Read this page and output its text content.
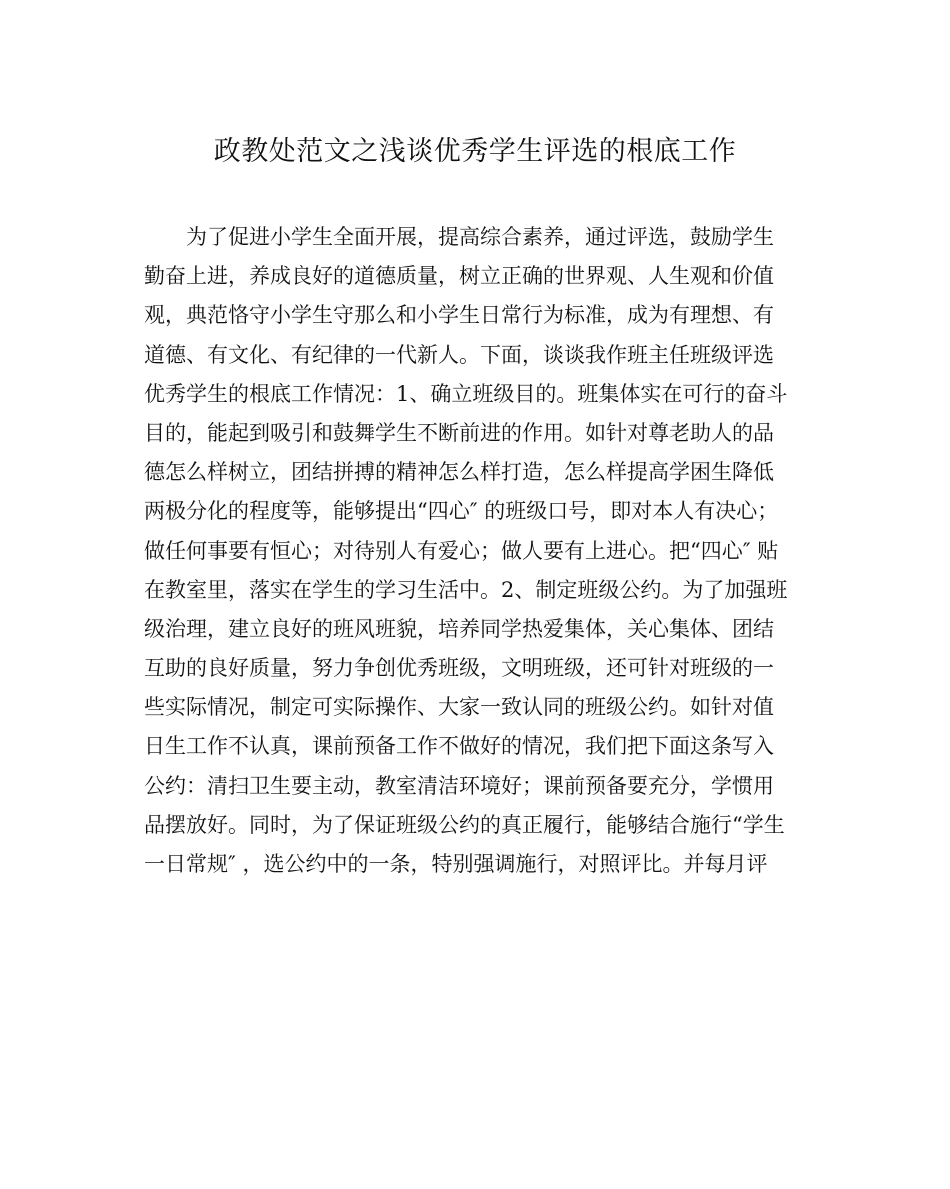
政教处范文之浅谈优秀学生评选的根底工作
为了促进小学生全面开展，提高综合素养，通过评选，鼓励学生
勤奋上进，养成良好的道德质量，树立正确的世界观、人生观和价值
观，典范恪守小学生守那么和小学生日常行为标准，成为有理想、有
道德、有文化、有纪律的一代新人。下面，谈谈我作班主任班级评选
优秀学生的根底工作情况：1、确立班级目的。班集体实在可行的奋斗
目的，能起到吸引和鼓舞学生不断前进的作用。如针对尊老助人的品
德怎么样树立，团结拼搏的精神怎么样打造，怎么样提高学困生降低
两极分化的程度等，能够提出“四心″ 的班级口号，即对本人有决心；
做任何事要有恒心；对待别人有爱心；做人要有上进心。把“四心″ 贴
在教室里，落实在学生的学习生活中。2、制定班级公约。为了加强班
级治理，建立良好的班风班貌，培养同学热爱集体，关心集体、团结
互助的良好质量，努力争创优秀班级，文明班级，还可针对班级的一
些实际情况，制定可实际操作、大家一致认同的班级公约。如针对值
日生工作不认真，课前预备工作不做好的情况，我们把下面这条写入
公约：清扫卫生要主动，教室清洁环境好；课前预备要充分，学惯用
品摆放好。同时，为了保证班级公约的真正履行，能够结合施行“学生
一日常规″ ，选公约中的一条，特别强调施行，对照评比。并每月评
